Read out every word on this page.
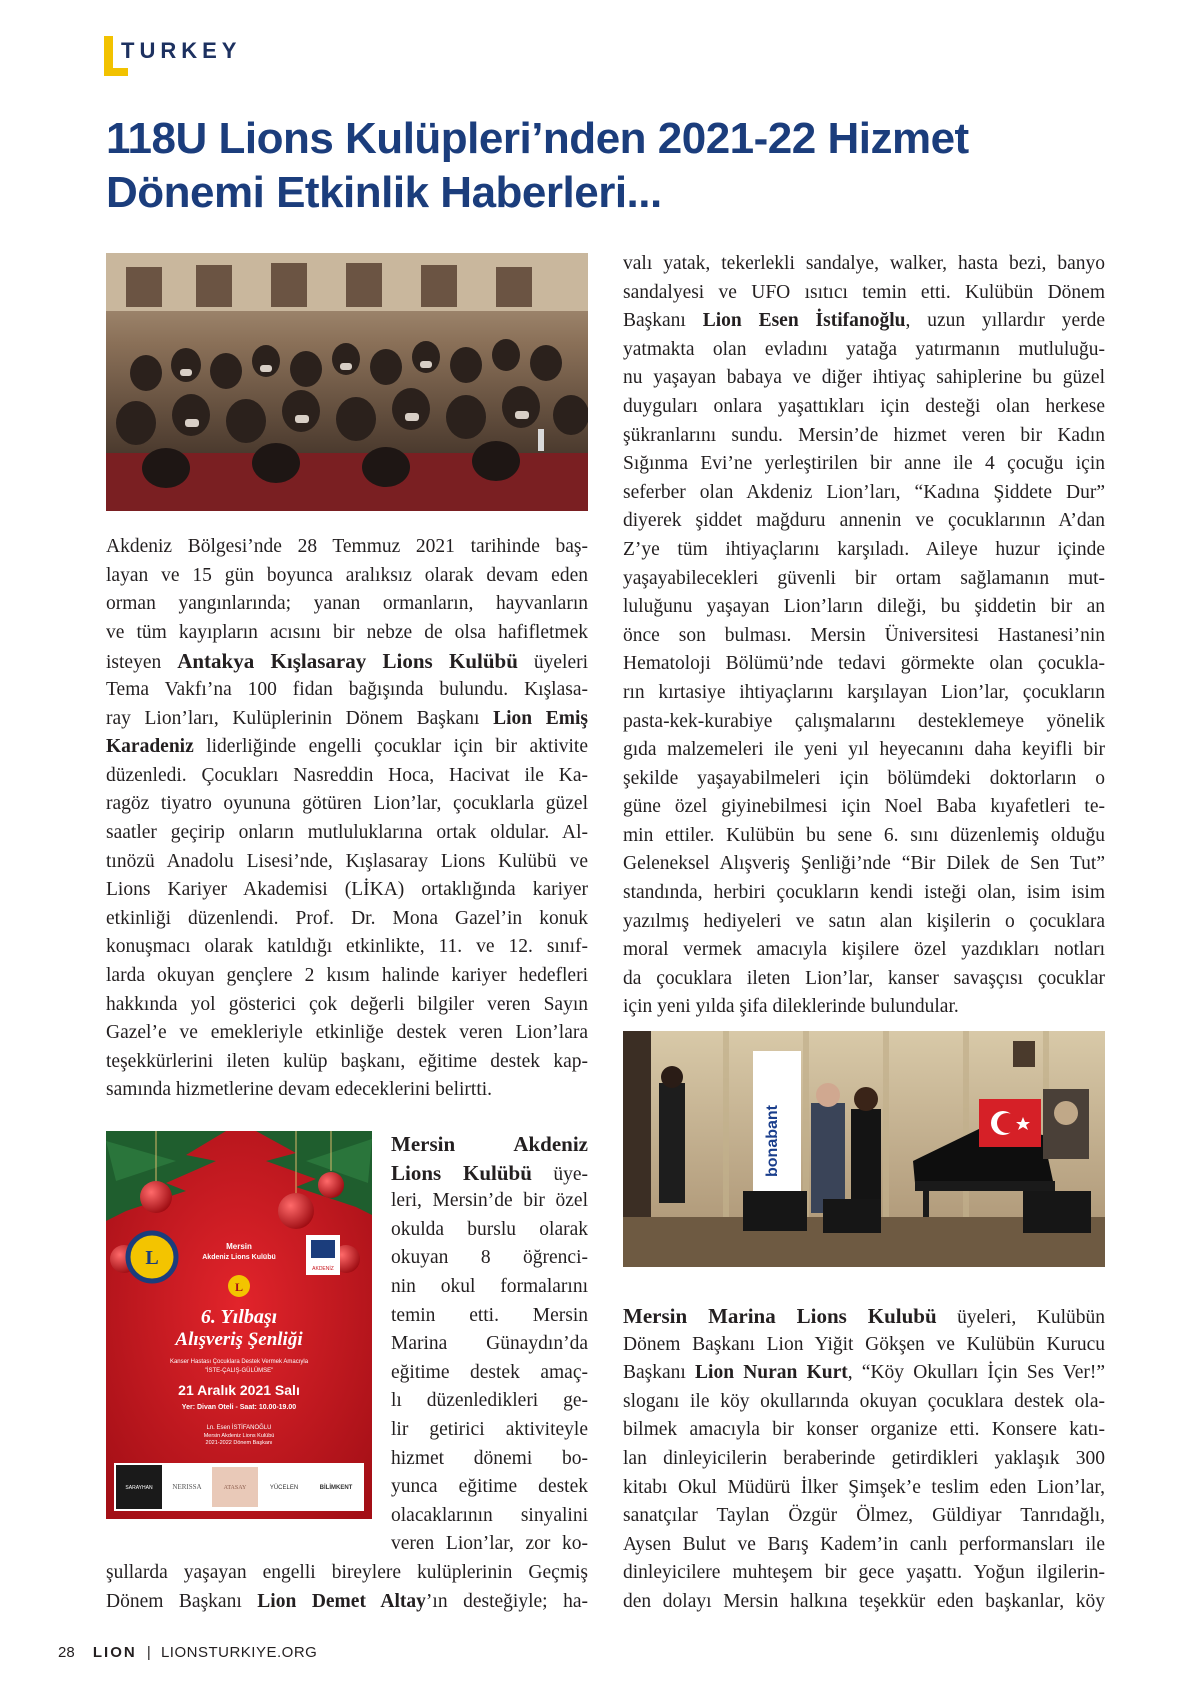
TURKEY
118U Lions Kulüpleri’nden 2021-22 Hizmet
Dönemi Etkinlik Haberleri...
Akdeniz Bölgesi’nde 28 Temmuz 2021 tarihinde baş-
layan ve 15 gün boyunca aralıksız olarak devam eden
orman yangınlarında; yanan ormanların, hayvanların
ve tüm kayıpların acısını bir nebze de olsa hafifletmek
isteyen Antakya Kışlasaray Lions Kulübü üyeleri
Tema Vakfı’na 100 fidan bağışında bulundu. Kışlasa-
ray Lion’ları, Kulüplerinin Dönem Başkanı Lion Emiş
Karadeniz liderliğinde engelli çocuklar için bir aktivite
düzenledi. Çocukları Nasreddin Hoca, Hacivat ile Ka-
ragöz tiyatro oyununa götüren Lion’lar, çocuklarla güzel
saatler geçirip onların mutluluklarına ortak oldular. Al-
tınözü Anadolu Lisesi’nde, Kışlasaray Lions Kulübü ve
Lions Kariyer Akademisi (LİKA) ortaklığında kariyer
etkinliği düzenlendi. Prof. Dr. Mona Gazel’in konuk
konuşmacı olarak katıldığı etkinlikte, 11. ve 12. sınıf-
larda okuyan gençlere 2 kısım halinde kariyer hedefleri
hakkında yol gösterici çok değerli bilgiler veren Sayın
Gazel’e ve emekleriyle etkinliğe destek veren Lion’lara
teşekkürlerini ileten kulüp başkanı, eğitime destek kap-
samında hizmetlerine devam edeceklerini belirtti.
L	AKDENİZ
Mersin
Akdeniz Lions Kulübü
L
6. Yılbaşı
Alışveriş Şenliği
Kanser Hastası Çocuklara Destek Vermek Amacıyla
"İSTE-ÇALIŞ-GÜLÜMSE"
21 Aralık 2021 Salı
Yer: Divan Oteli - Saat: 10.00-19.00
Ln. Esen İSTİFANOĞLU
Mersin Akdeniz Lions Kulübü
2021-2022 Dönem Başkanı
SARAYHAN	NERISSA	ATASAY	YÜCELEN	BİLİMKENT
Mersin Akdeniz
Lions Kulübü üye-
leri, Mersin’de bir özel
okulda burslu olarak
okuyan 8 öğrenci-
nin okul formalarını
temin etti. Mersin
Marina Günaydın’da
eğitime destek amaç-
lı düzenledikleri ge-
lir getirici aktiviteyle
hizmet dönemi bo-
yunca eğitime destek
olacaklarının sinyalini
veren Lion’lar, zor ko-
şullarda yaşayan engelli bireylere kulüplerinin Geçmiş
Dönem Başkanı Lion Demet Altay’ın desteğiyle; ha-
valı yatak, tekerlekli sandalye, walker, hasta bezi, banyo
sandalyesi ve UFO ısıtıcı temin etti. Kulübün Dönem
Başkanı Lion Esen İstifanoğlu, uzun yıllardır yerde
yatmakta olan evladını yatağa yatırmanın mutluluğu-
nu yaşayan babaya ve diğer ihtiyaç sahiplerine bu güzel
duyguları onlara yaşattıkları için desteği olan herkese
şükranlarını sundu. Mersin’de hizmet veren bir Kadın
Sığınma Evi’ne yerleştirilen bir anne ile 4 çocuğu için
seferber olan Akdeniz Lion’ları, “Kadına Şiddete Dur”
diyerek şiddet mağduru annenin ve çocuklarının A’dan
Z’ye tüm ihtiyaçlarını karşıladı. Aileye huzur içinde
yaşayabilecekleri güvenli bir ortam sağlamanın mut-
luluğunu yaşayan Lion’ların dileği, bu şiddetin bir an
önce son bulması. Mersin Üniversitesi Hastanesi’nin
Hematoloji Bölümü’nde tedavi görmekte olan çocukla-
rın kırtasiye ihtiyaçlarını karşılayan Lion’lar, çocukların
pasta-kek-kurabiye çalışmalarını desteklemeye yönelik
gıda malzemeleri ile yeni yıl heyecanını daha keyifli bir
şekilde yaşayabilmeleri için bölümdeki doktorların o
güne özel giyinebilmesi için Noel Baba kıyafetleri te-
min ettiler. Kulübün bu sene 6. sını düzenlemiş olduğu
Geleneksel Alışveriş Şenliği’nde “Bir Dilek de Sen Tut”
standında, herbiri çocukların kendi isteği olan, isim isim
yazılmış hediyeleri ve satın alan kişilerin o çocuklara
moral vermek amacıyla kişilere özel yazdıkları notları
da çocuklara ileten Lion’lar, kanser savaşçısı çocuklar
için yeni yılda şifa dileklerinde bulundular.
bonabant
Mersin Marina Lions Kulubü üyeleri, Kulübün
Dönem Başkanı Lion Yiğit Gökşen ve Kulübün Kurucu
Başkanı Lion Nuran Kurt, “Köy Okulları İçin Ses Ver!”
sloganı ile köy okullarında okuyan çocuklara destek ola-
bilmek amacıyla bir konser organize etti. Konsere katı-
lan dinleyicilerin beraberinde getirdikleri yaklaşık 300
kitabı Okul Müdürü İlker Şimşek’e teslim eden Lion’lar,
sanatçılar Taylan Özgür Ölmez, Güldiyar Tanrıdağlı,
Aysen Bulut ve Barış Kadem’in canlı performansları ile
dinleyicilere muhteşem bir gece yaşattı. Yoğun ilgilerin-
den dolayı Mersin halkına teşekkür eden başkanlar, köy
28 LION | LIONSTURKIYE.ORG
